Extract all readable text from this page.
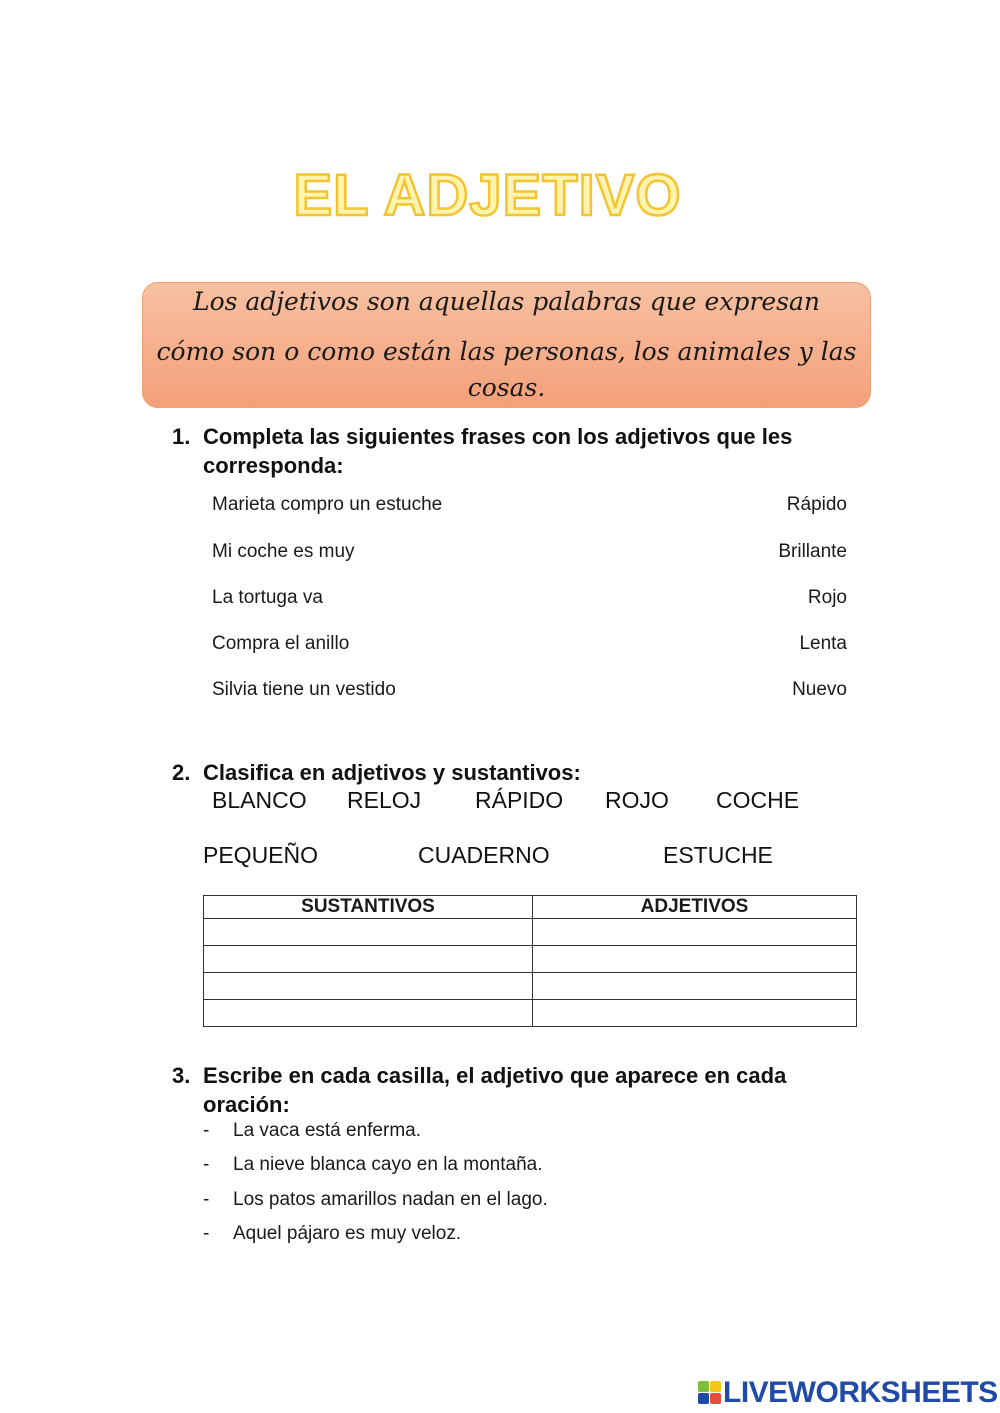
EL ADJETIVO
Los adjetivos son aquellas palabras que expresan
cómo son o como están las personas, los animales y las
cosas.
1. Completa las siguientes frases con los adjetivos que les
corresponda:
Marieta compro un estuche	Rápido
Mi coche es muy	Brillante
La tortuga va	Rojo
Compra el anillo	Lenta
Silvia tiene un vestido	Nuevo
2. Clasifica en adjetivos y sustantivos:
BLANCO RELOJ RÁPIDO ROJO COCHE
PEQUEÑO	CUADERNO	ESTUCHE
SUSTANTIVOS	ADJETIVOS

3. Escribe en cada casilla, el adjetivo que aparece en cada
oración:
- La vaca está enferma.
- La nieve blanca cayo en la montaña.
- Los patos amarillos nadan en el lago.
- Aquel pájaro es muy veloz.
LIVEWORKSHEETS
